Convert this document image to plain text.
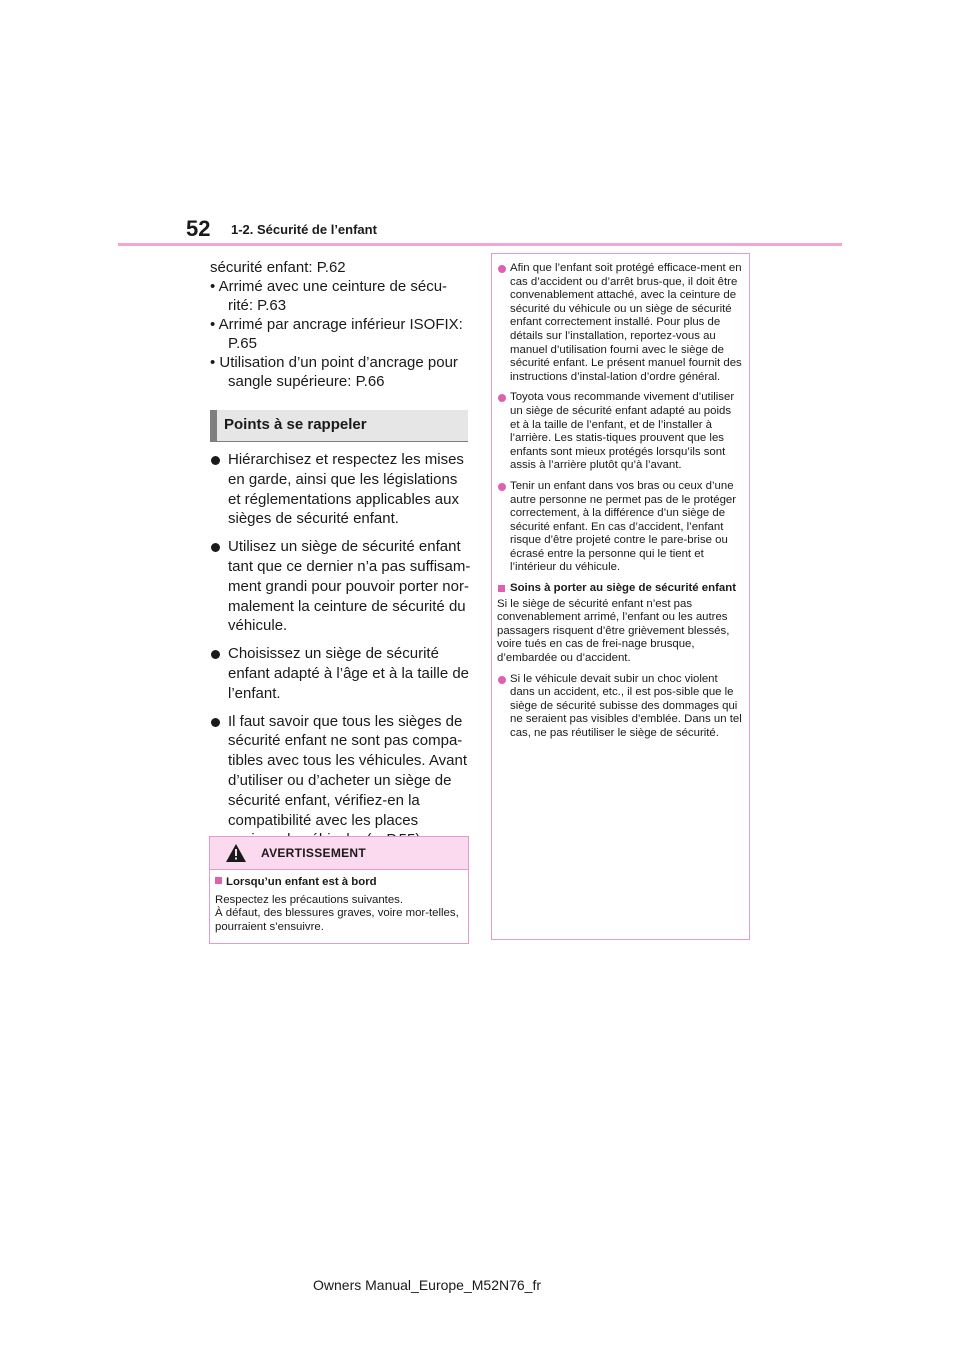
52 1-2. Sécurité de l’enfant

sécurité enfant: P.62

• Arrimé avec une ceinture de sécu-rité: P.63

• Arrimé par ancrage inférieur ISOFIX: P.65

• Utilisation d’un point d’ancrage pour sangle supérieure: P.66

Points à se rappeler
Hiérarchisez et respectez les mises en garde, ainsi que les législations et réglementations applicables aux sièges de sécurité enfant.
Utilisez un siège de sécurité enfant tant que ce dernier n’a pas suffisam-ment grandi pour pouvoir porter nor-malement la ceinture de sécurité du véhicule.
Choisissez un siège de sécurité enfant adapté à l’âge et à la taille de l’enfant.
Il faut savoir que tous les sièges de sécurité enfant ne sont pas compa-tibles avec tous les véhicules. Avant d’utiliser ou d’acheter un siège de sécurité enfant, vérifiez-en la compatibilité avec les places
AVERTISSEMENT
Lorsqu’un enfant est à bord
Respectez les précautions suivantes.
À défaut, des blessures graves, voire mor-telles, pourraient s’ensuivre.
Afin que l’enfant soit protégé efficace-ment en cas d’accident ou d’arrêt brus-que, il doit être convenablement attaché, avec la ceinture de sécurité du véhicule ou un siège de sécurité enfant correctement installé. Pour plus de détails sur l’installation, reportez-vous au manuel d’utilisation fourni avec le siège de sécurité enfant. Le présent manuel fournit des instructions d’instal-lation d’ordre général.
Toyota vous recommande vivement d’utiliser un siège de sécurité enfant adapté au poids et à la taille de l’enfant, et de l’installer à l’arrière. Les statis-tiques prouvent que les enfants sont mieux protégés lorsqu’ils sont assis à l’arrière plutôt qu’à l’avant.
Tenir un enfant dans vos bras ou ceux d’une autre personne ne permet pas de le protéger correctement, à la différence d’un siège de sécurité enfant. En cas d’accident, l’enfant risque d’être projeté contre le pare-brise ou écrasé entre la personne qui le tient et l’intérieur du véhicule.
Soins à porter au siège de sécurité enfant

Si le siège de sécurité enfant n’est pas convenablement arrimé, l’enfant ou les autres passagers risquent d’être grièvement blessés, voire tués en cas de frei-nage brusque, d’embardée ou d’accident.

Si le véhicule devait subir un choc violent dans un accident, etc., il est pos-sible que le siège de sécurité subisse des dommages qui ne seraient pas visibles d’emblée. Dans un tel cas, ne pas réutiliser le siège de sécurité.
Owners Manual_Europe_M52N76_fr
